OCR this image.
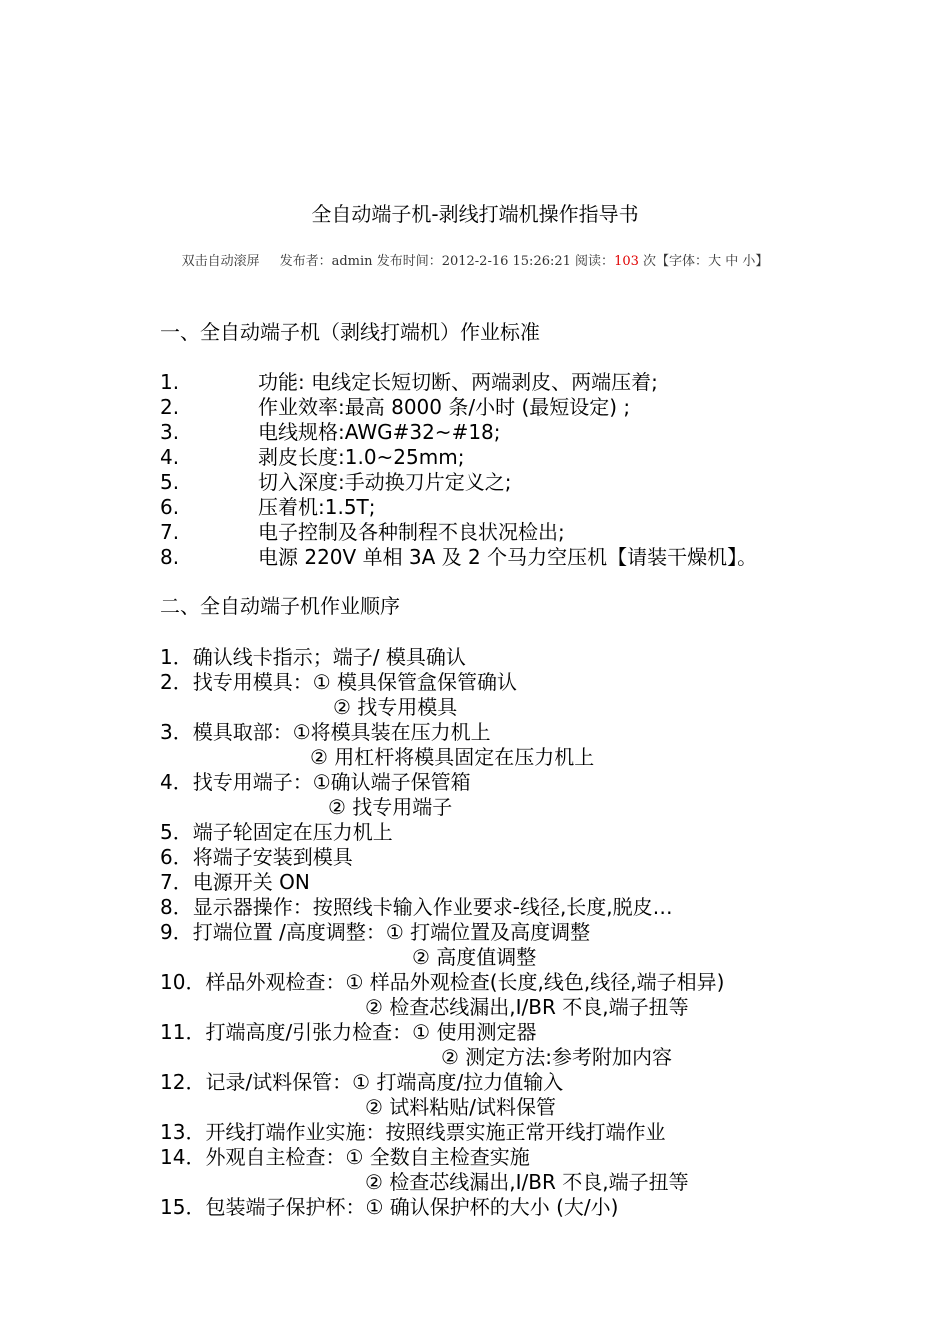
全自动端子机-剥线打端机操作指导书
双击自动滚屏 发布者：admin 发布时间：2012-2-16 15:26:21 阅读：103 次【字体：大 中 小】
一、全自动端子机（剥线打端机）作业标准
1.	功能: 电线定长短切断、两端剥皮、两端压着;
2.	作业效率:最高 8000 条/小时 (最短设定) ;
3.	电线规格:AWG#32~#18;
4.	剥皮长度:1.0~25mm;
5.	切入深度:手动换刀片定义之;
6.	压着机:1.5T;
7.	电子控制及各种制程不良状况检出;
8.	电源 220V 单相 3A 及 2 个马力空压机【请装干燥机】。
二、全自动端子机作业顺序
1．确认线卡指示；端子/ 模具确认
2．找专用模具：① 模具保管盒保管确认
② 找专用模具
3．模具取部：①将模具装在压力机上
② 用杠杆将模具固定在压力机上
4．找专用端子：①确认端子保管箱
② 找专用端子
5．端子轮固定在压力机上
6．将端子安装到模具
7．电源开关 ON
8．显示器操作：按照线卡输入作业要求-线径,长度,脱皮…
9．打端位置 /高度调整：① 打端位置及高度调整
② 高度值调整
10．样品外观检查：① 样品外观检查(长度,线色,线径,端子相异)
② 检查芯线漏出,I/BR 不良,端子扭等
11．打端高度/引张力检查：① 使用测定器
② 测定方法:参考附加内容
12．记录/试料保管：① 打端高度/拉力值输入
② 试料粘贴/试料保管
13．开线打端作业实施：按照线票实施正常开线打端作业
14．外观自主检查：① 全数自主检查实施
② 检查芯线漏出,I/BR 不良,端子扭等
15．包装端子保护杯：① 确认保护杯的大小 (大/小)
